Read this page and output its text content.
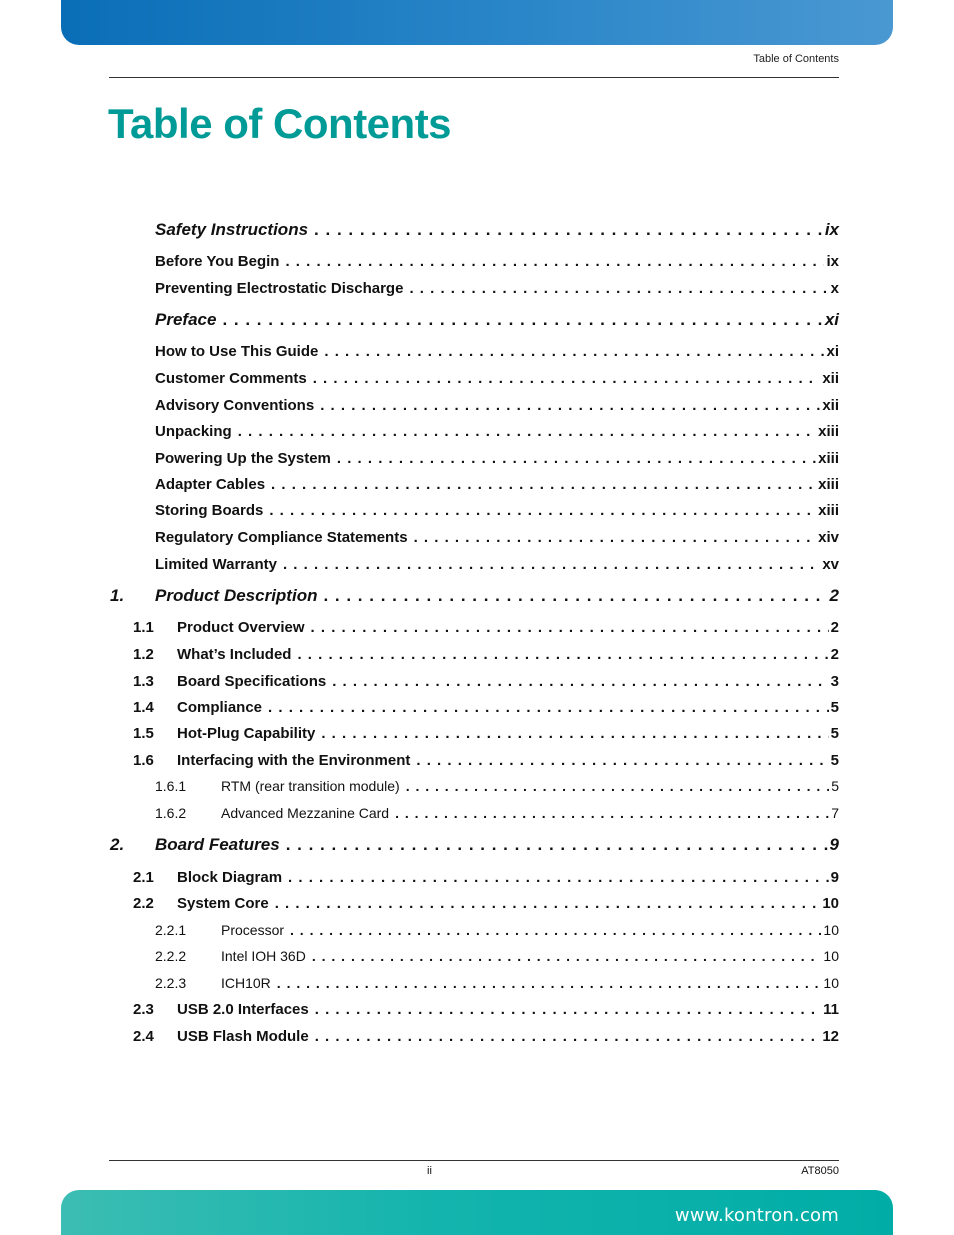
Table of Contents
Table of Contents
Safety Instructions . . .	ix
Before You Begin . . .	ix
Preventing Electrostatic Discharge . . .	x
Preface . . .	xi
How to Use This Guide . . .	xi
Customer Comments . . .	xii
Advisory Conventions . . .	xii
Unpacking . . .	xiii
Powering Up the System . . .	xiii
Adapter Cables . . .	xiii
Storing Boards . . .	xiii
Regulatory Compliance Statements . . .	xiv
Limited Warranty . . .	xv
1. Product Description . . .	2
1.1 Product Overview . . .	2
1.2 What’s Included . . .	2
1.3 Board Specifications . . .	3
1.4 Compliance . . .	5
1.5 Hot-Plug Capability . . .	5
1.6 Interfacing with the Environment . . .	5
1.6.1 RTM (rear transition module) . . .	5
1.6.2 Advanced Mezzanine Card . . .	7
2. Board Features . . .	9
2.1 Block Diagram . . .	9
2.2 System Core . . .	10
2.2.1 Processor . . .	10
2.2.2 Intel IOH 36D . . .	10
2.2.3 ICH10R . . .	10
2.3 USB 2.0 Interfaces . . .	11
2.4 USB Flash Module . . .	12
ii	AT8050
www.kontron.com
